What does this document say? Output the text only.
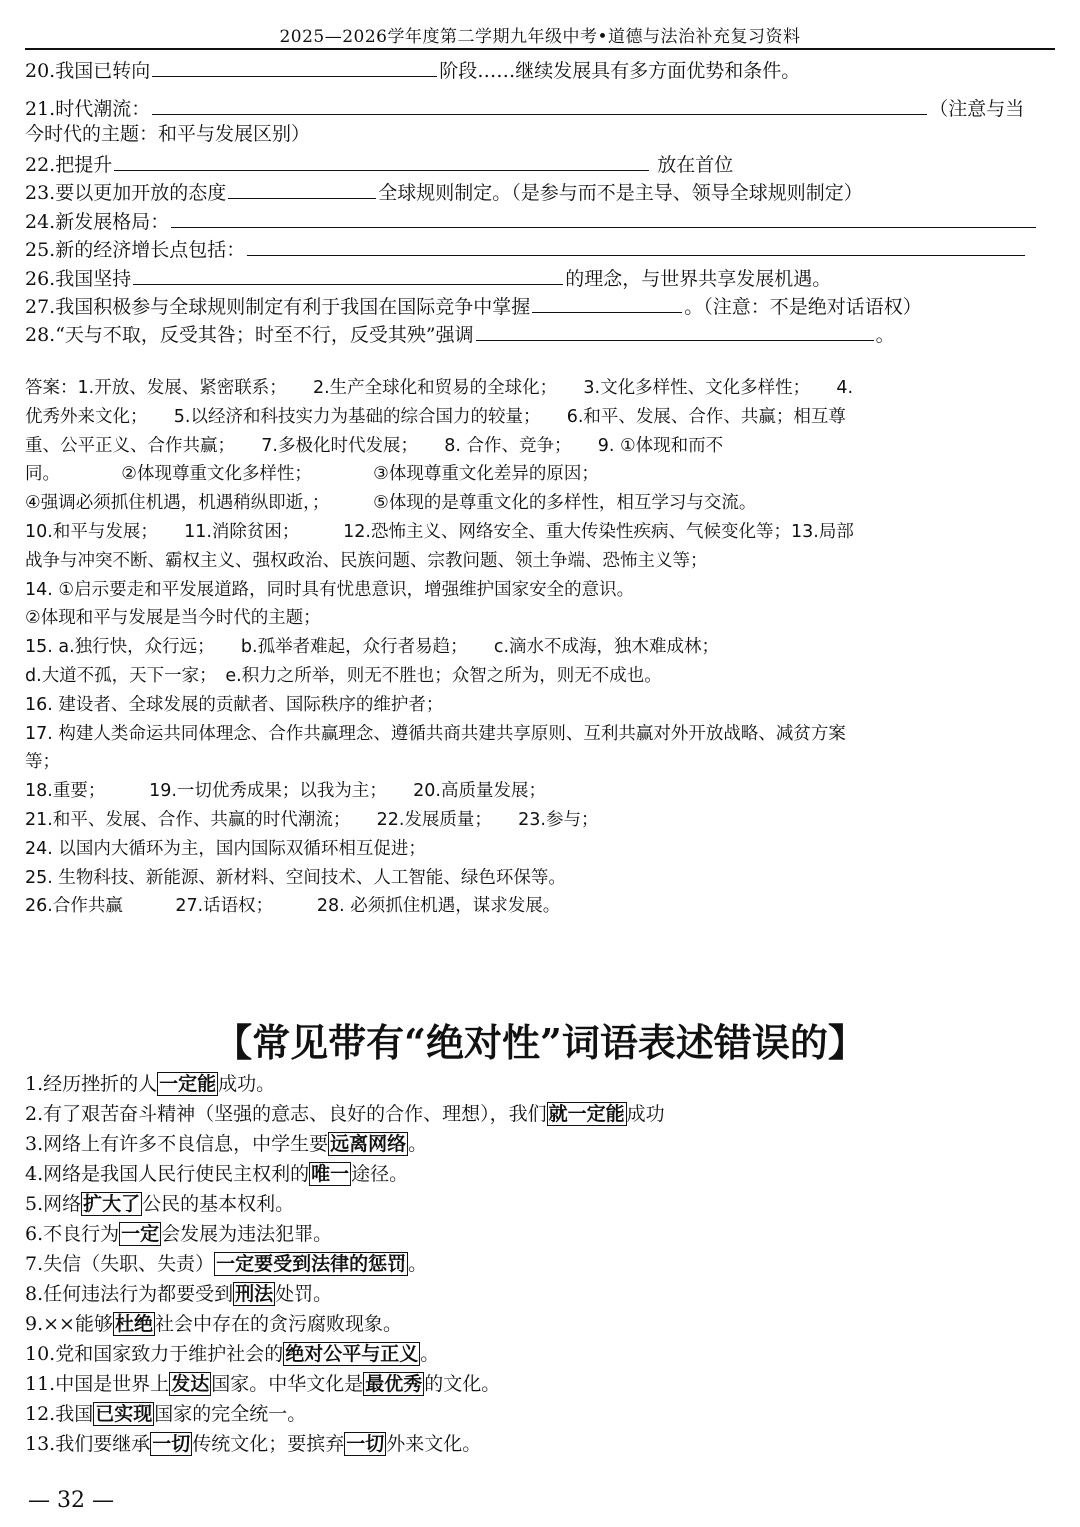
2025—2026学年度第二学期九年级中考•道德与法治补充复习资料
20.我国已转向	阶段……继续发展具有多方面优势和条件。
21.时代潮流：	（注意与当
今时代的主题：和平与发展区别）
22.把提升	放在首位
23.要以更加开放的态度	全球规则制定。（是参与而不是主导、领导全球规则制定）
24.新发展格局：
25.新的经济增长点包括：
26.我国坚持	的理念，与世界共享发展机遇。
27.我国积极参与全球规则制定有利于我国在国际竞争中掌握	。（注意：不是绝对话语权）
28.“天与不取，反受其咎；时至不行，反受其殃”强调	。
答案：1.开放、发展、紧密联系；　　2.生产全球化和贸易的全球化；　　3.文化多样性、文化多样性；　　4.
优秀外来文化；　　5.以经济和科技实力为基础的综合国力的较量；　　6.和平、发展、合作、共赢；相互尊
重、公平正义、合作共赢；　　7.多极化时代发展；　　8. 合作、竞争；　　9. ①体现和而不
同。　　　　②体现尊重文化多样性；　　　　③体现尊重文化差异的原因；
④强调必须抓住机遇，机遇稍纵即逝，；　　　⑤体现的是尊重文化的多样性，相互学习与交流。
10.和平与发展；　　11.消除贫困；　　　12.恐怖主义、网络安全、重大传染性疾病、气候变化等；13.局部
战争与冲突不断、霸权主义、强权政治、民族问题、宗教问题、领土争端、恐怖主义等；
14. ①启示要走和平发展道路，同时具有忧患意识，增强维护国家安全的意识。
②体现和平与发展是当今时代的主题；
15. a.独行快，众行远；　　b.孤举者难起，众行者易趋；　　c.滴水不成海，独木难成林；
d.大道不孤，天下一家；　e.积力之所举，则无不胜也；众智之所为，则无不成也。
16. 建设者、全球发展的贡献者、国际秩序的维护者；
17. 构建人类命运共同体理念、合作共赢理念、遵循共商共建共享原则、互利共赢对外开放战略、减贫方案
等；
18.重要；　　　19.一切优秀成果；以我为主；　　20.高质量发展；
21.和平、发展、合作、共赢的时代潮流；　　22.发展质量；　　23.参与；
24. 以国内大循环为主，国内国际双循环相互促进；
25. 生物科技、新能源、新材料、空间技术、人工智能、绿色环保等。
26.合作共赢　　　27.话语权；　　　28. 必须抓住机遇，谋求发展。
【常见带有“绝对性”词语表述错误的】
1.经历挫折的人 一定能 成功。
2.有了艰苦奋斗精神（坚强的意志、良好的合作、理想），我们 就一定能 成功
3.网络上有许多不良信息，中学生要 远离网络 。
4.网络是我国人民行使民主权利的 唯一 途径。
5.网络 扩大了 公民的基本权利。
6.不良行为 一定 会发展为违法犯罪。
7.失信（失职、失责） 一定要受到法律的惩罚 。
8.任何违法行为都要受到 刑法 处罚。
9.××能够 杜绝 社会中存在的贪污腐败现象。
10.党和国家致力于维护社会的 绝对公平与正义 。
11.中国是世界上 发达 国家。中华文化是 最优秀 的文化。
12.我国 已实现 国家的完全统一。
13.我们要继承 一切 传统文化；要摈弃 一切 外来文化。
— 32 —
